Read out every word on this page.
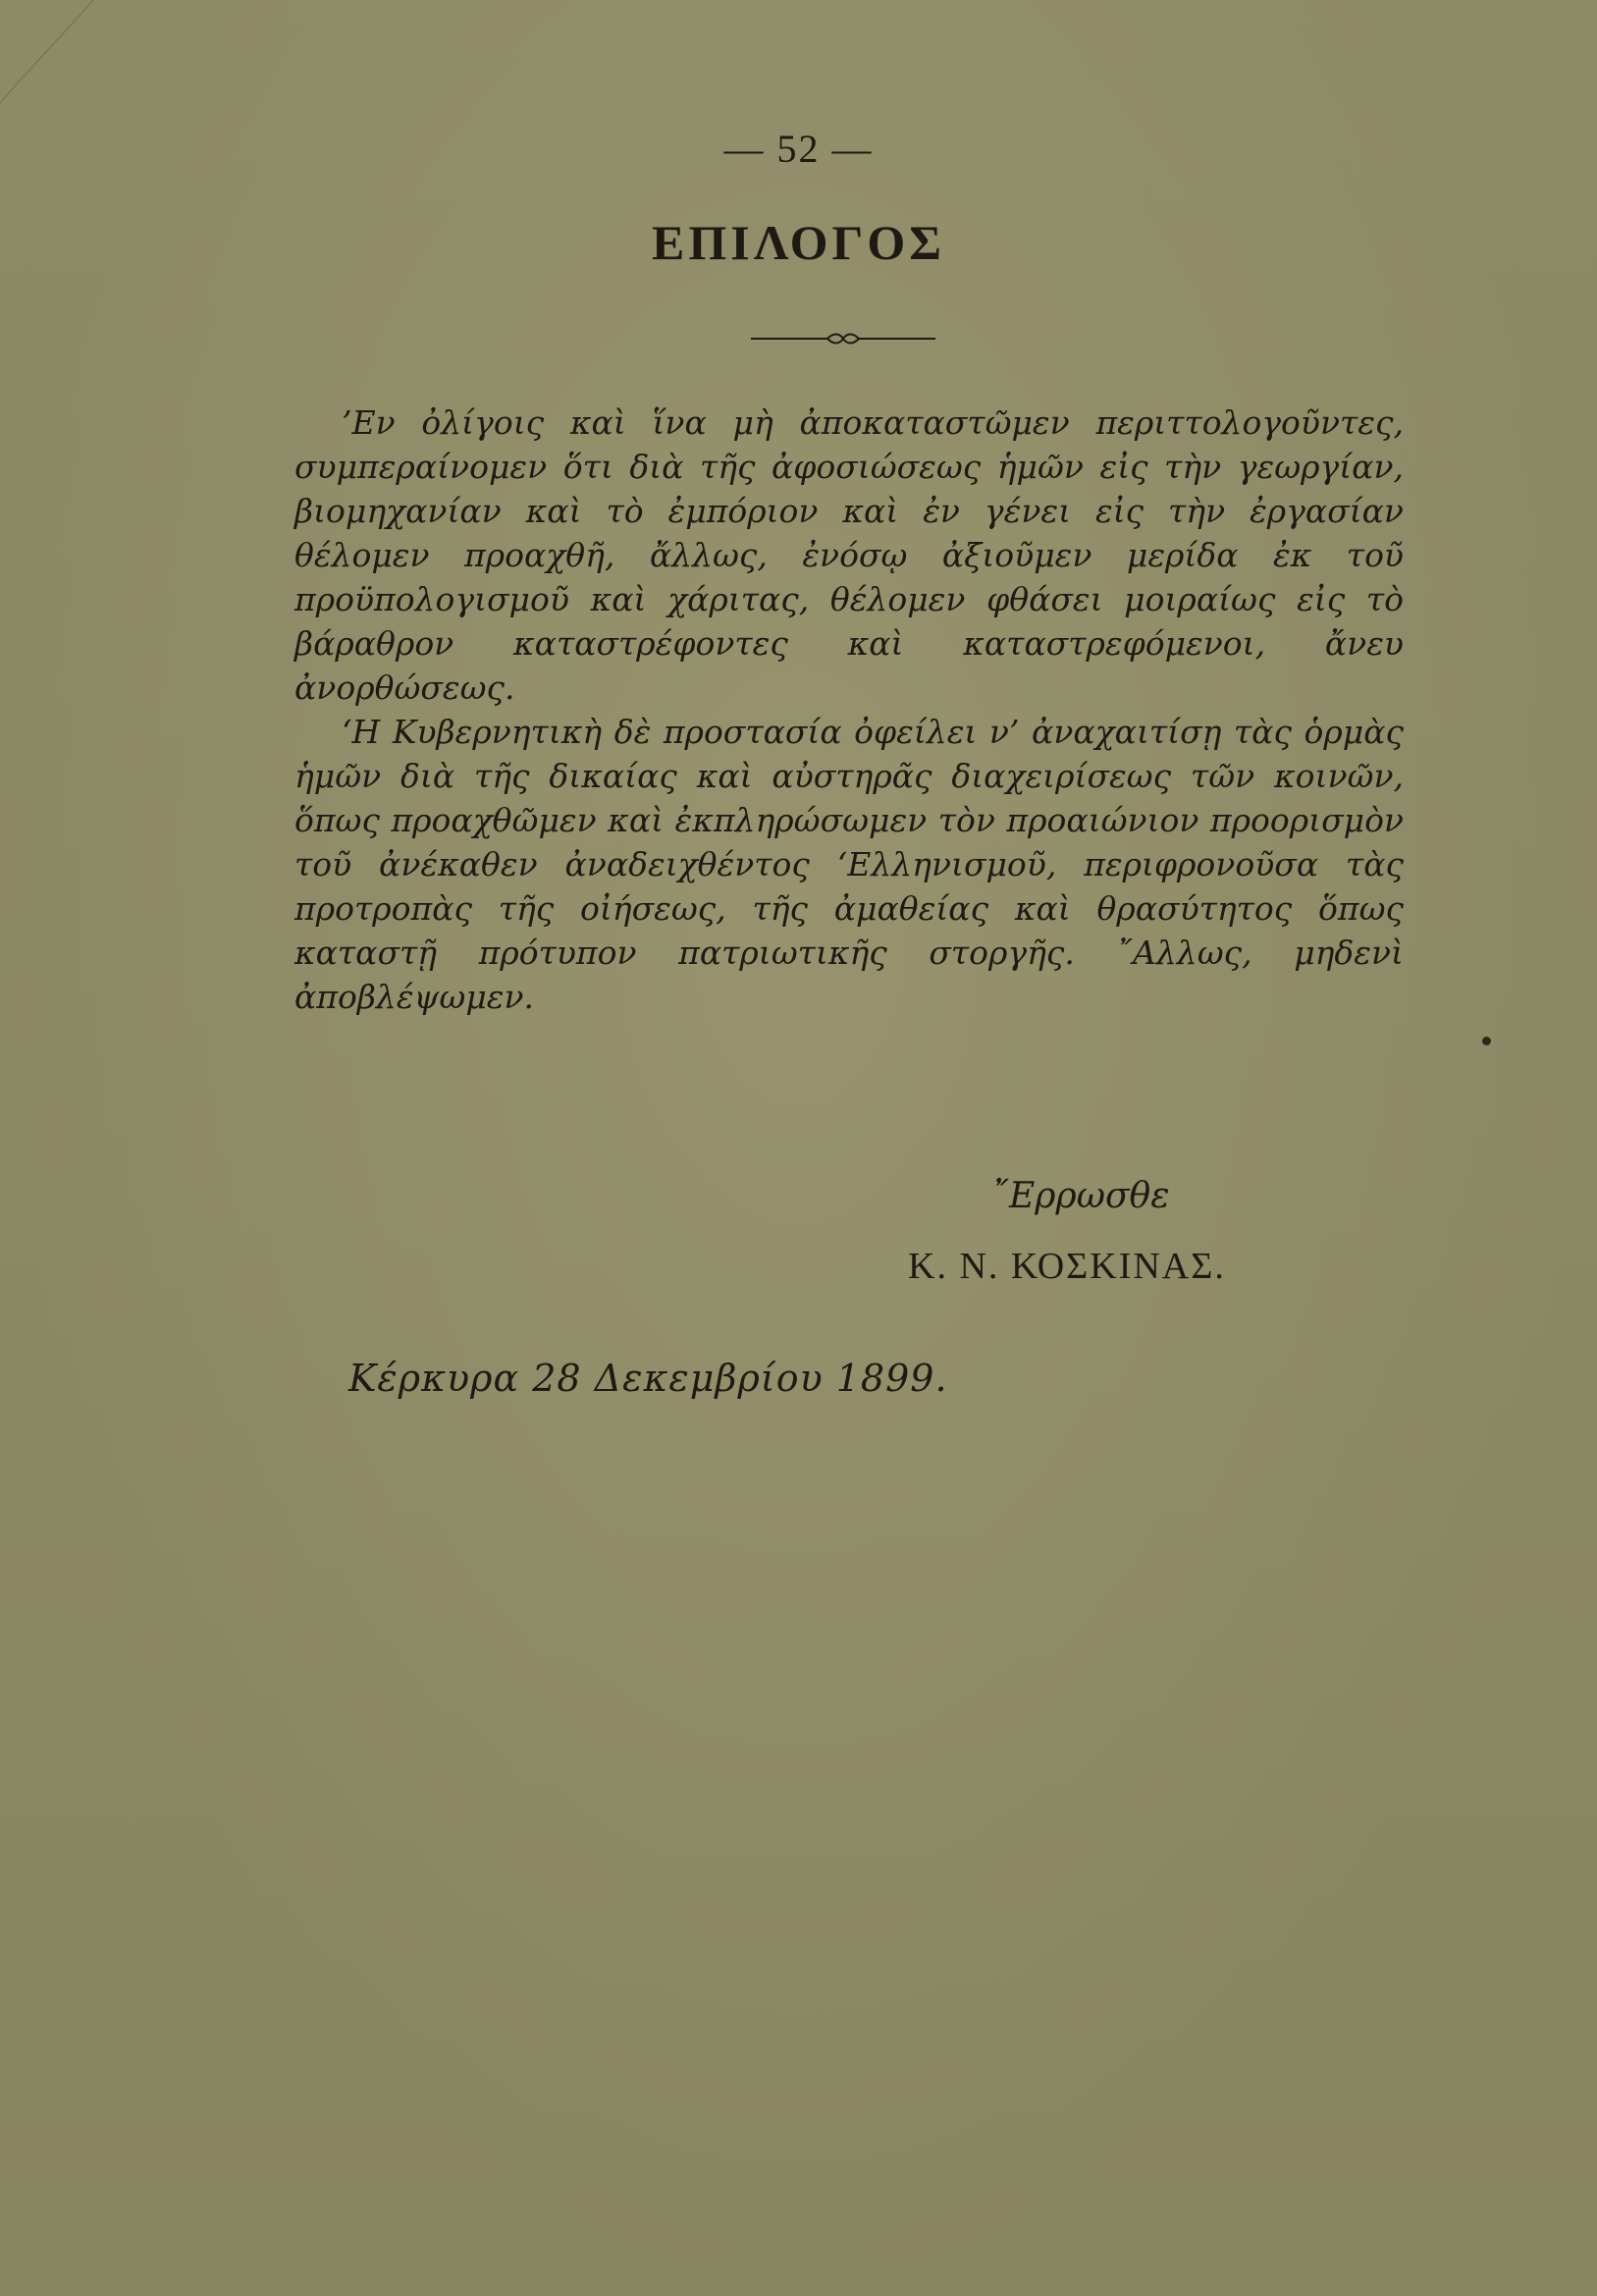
— 52 —
ΕΠΙΛΟΓΟΣ

’Εν ὀλίγοις καὶ ἵνα μὴ ἀποκαταστῶμεν περιττολογοῦντες, συμπεραίνομεν ὅτι διὰ τῆς ἀφοσιώσεως ἡμῶν εἰς τὴν γεωργίαν, βιομηχανίαν καὶ τὸ ἐμπόριον καὶ ἐν γένει εἰς τὴν ἐργασίαν θέλομεν προαχθῆ, ἄλλως, ἐνόσῳ ἀξιοῦμεν μερίδα ἐκ τοῦ προϋπολογισμοῦ καὶ χάριτας, θέλομεν φθάσει μοιραίως εἰς τὸ βάραθρον καταστρέφοντες καὶ καταστρεφόμενοι, ἄνευ ἀνορθώσεως.

‘Η Κυβερνητικὴ δὲ προστασία ὀφείλει ν’ ἀναχαιτίσῃ τὰς ὁρμὰς ἡμῶν διὰ τῆς δικαίας καὶ αὐστηρᾶς διαχειρίσεως τῶν κοινῶν, ὅπως προαχθῶμεν καὶ ἐκπληρώσωμεν τὸν προαιώνιον προορισμὸν τοῦ ἀνέκαθεν ἀναδειχθέντος ‘Ελληνισμοῦ, περιφρονοῦσα τὰς προτροπὰς τῆς οἰήσεως, τῆς ἀμαθείας καὶ θρασύτητος ὅπως καταστῇ πρότυπον πατριωτικῆς στοργῆς. ῎Αλλως, μηδενὶ ἀποβλέψωμεν.

῎Ερρωσθε
Κ. Ν. ΚΟΣΚΙΝΑΣ.
Κέρκυρα 28 Δεκεμβρίου 1899.
